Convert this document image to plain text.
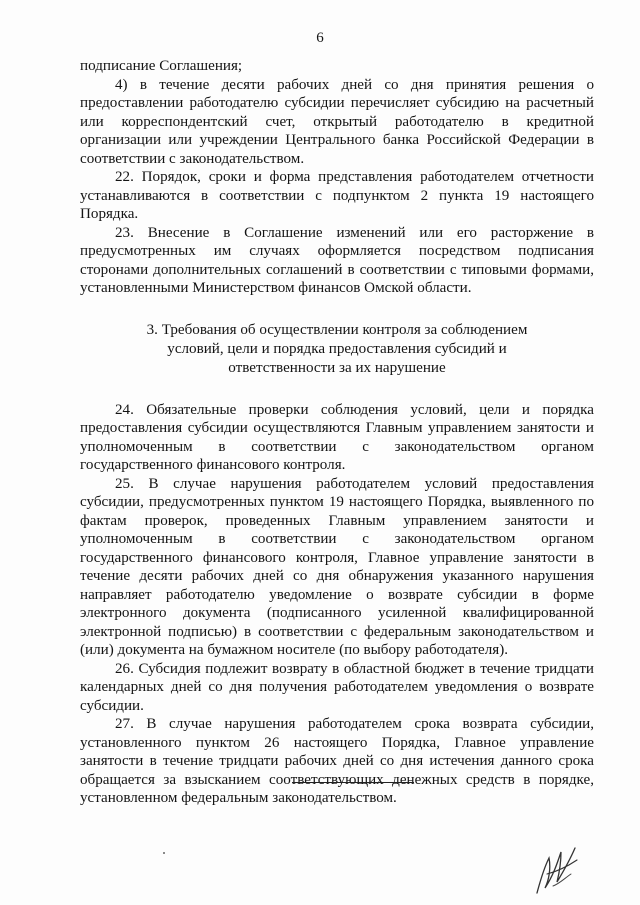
6

подписание Соглашения;

4) в течение десяти рабочих дней со дня принятия решения о предоставлении работодателю субсидии перечисляет субсидию на расчетный или корреспондентский счет, открытый работодателю в кредитной организации или учреждении Центрального банка Российской Федерации в соответствии с законодательством.

22. Порядок, сроки и форма представления работодателем отчетности устанавливаются в соответствии с подпунктом 2 пункта 19 настоящего Порядка.

23. Внесение в Соглашение изменений или его расторжение в предусмотренных им случаях оформляется посредством подписания сторонами дополнительных соглашений в соответствии с типовыми формами, установленными Министерством финансов Омской области.

3. Требования об осуществлении контроля за соблюдением
условий, цели и порядка предоставления субсидий и
ответственности за их нарушение

24. Обязательные проверки соблюдения условий, цели и порядка предоставления субсидии осуществляются Главным управлением занятости и уполномоченным в соответствии с законодательством органом государственного финансового контроля.

25. В случае нарушения работодателем условий предоставления субсидии, предусмотренных пунктом 19 настоящего Порядка, выявленного по фактам проверок, проведенных Главным управлением занятости и уполномоченным в соответствии с законодательством органом государственного финансового контроля, Главное управление занятости в течение десяти рабочих дней со дня обнаружения указанного нарушения направляет работодателю уведомление о возврате субсидии в форме электронного документа (подписанного усиленной квалифицированной электронной подписью) в соответствии с федеральным законодательством и (или) документа на бумажном носителе (по выбору работодателя).

26. Субсидия подлежит возврату в областной бюджет в течение тридцати календарных дней со дня получения работодателем уведомления о возврате субсидии.

27. В случае нарушения работодателем срока возврата субсидии, установленного пунктом 26 настоящего Порядка, Главное управление занятости в течение тридцати рабочих дней со дня истечения данного срока обращается за взысканием соответствующих денежных средств в порядке, установленном федеральным законодательством.
